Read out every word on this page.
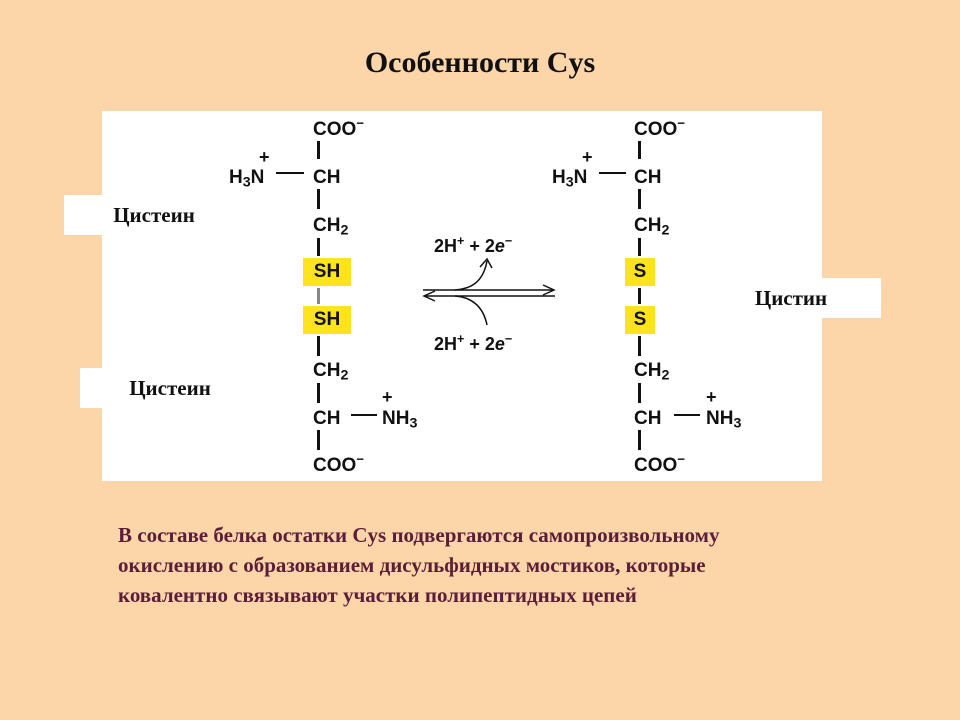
Особенности Cys
COO−
+
$H_3N$	CH
$CH_2$
SH
SH
$CH_2$
CH
+
$NH_3$
COO−
COO−
+
$H_3N$ CH
$CH_2$
S
S
$CH_2$
CH
+
$NH_3$
COO−
2H+ + 2e−
2H+ + 2e−
Цистеин
Цистеин
Цистин
В составе белка остатки Cys подвергаются самопроизвольному
окислению с образованием дисульфидных мостиков, которые
ковалентно связывают участки полипептидных цепей
